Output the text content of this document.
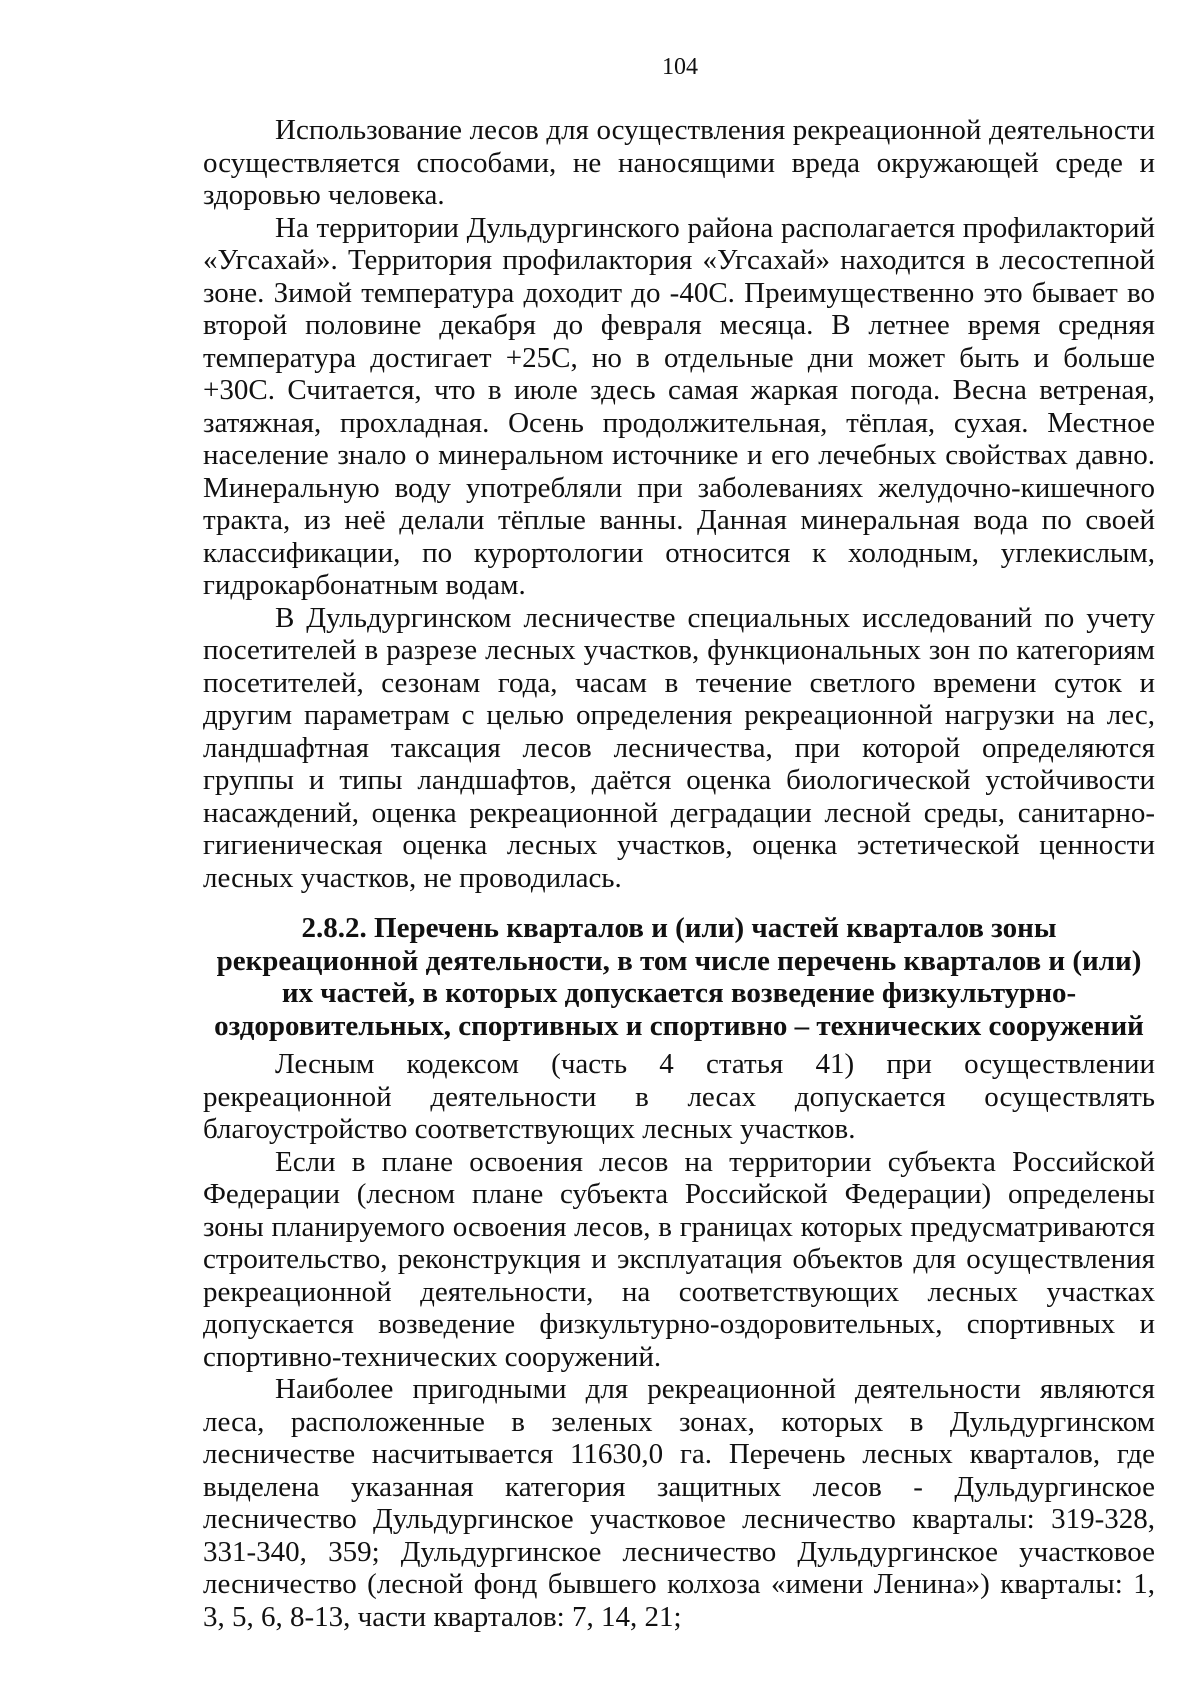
104

Использование лесов для осуществления рекреационной деятельности осуществляется способами, не наносящими вреда окружающей среде и здоровью человека.

На территории Дульдургинского района располагается профилакторий «Угсахай». Территория профилактория «Угсахай» находится в лесостепной зоне. Зимой температура доходит до -40С. Преимущественно это бывает во второй половине декабря до февраля месяца. В летнее время средняя температура достигает +25С, но в отдельные дни может быть и больше +30С. Считается, что в июле здесь самая жаркая погода. Весна ветреная, затяжная, прохладная. Осень продолжительная, тёплая, сухая. Местное население знало о минеральном источнике и его лечебных свойствах давно. Минеральную воду употребляли при заболеваниях желудочно-кишечного тракта, из неё делали тёплые ванны. Данная минеральная вода по своей классификации, по курортологии относится к холодным, углекислым, гидрокарбонатным водам.

В Дульдургинском лесничестве специальных исследований по учету посетителей в разрезе лесных участков, функциональных зон по категориям посетителей, сезонам года, часам в течение светлого времени суток и другим параметрам с целью определения рекреационной нагрузки на лес, ландшафтная таксация лесов лесничества, при которой определяются группы и типы ландшафтов, даётся оценка биологической устойчивости насаждений, оценка рекреационной деградации лесной среды, санитарно- гигиеническая оценка лесных участков, оценка эстетической ценности лесных участков, не проводилась.

2.8.2. Перечень кварталов и (или) частей кварталов зоны рекреационной деятельности, в том числе перечень кварталов и (или) их частей, в которых допускается возведение физкультурно-оздоровительных, спортивных и спортивно – технических сооружений

Лесным кодексом (часть 4 статья 41) при осуществлении рекреационной деятельности в лесах допускается осуществлять благоустройство соответствующих лесных участков.

Если в плане освоения лесов на территории субъекта Российской Федерации (лесном плане субъекта Российской Федерации) определены зоны планируемого освоения лесов, в границах которых предусматриваются строительство, реконструкция и эксплуатация объектов для осуществления рекреационной деятельности, на соответствующих лесных участках допускается возведение физкультурно-оздоровительных, спортивных и спортивно-технических сооружений.

Наиболее пригодными для рекреационной деятельности являются леса, расположенные в зеленых зонах, которых в Дульдургинском лесничестве насчитывается 11630,0 га. Перечень лесных кварталов, где выделена указанная категория защитных лесов - Дульдургинское лесничество Дульдургинское участковое лесничество кварталы: 319-328, 331-340, 359; Дульдургинское лесничество Дульдургинское участковое лесничество (лесной фонд бывшего колхоза «имени Ленина») кварталы: 1, 3, 5, 6, 8-13, части кварталов: 7, 14, 21;
